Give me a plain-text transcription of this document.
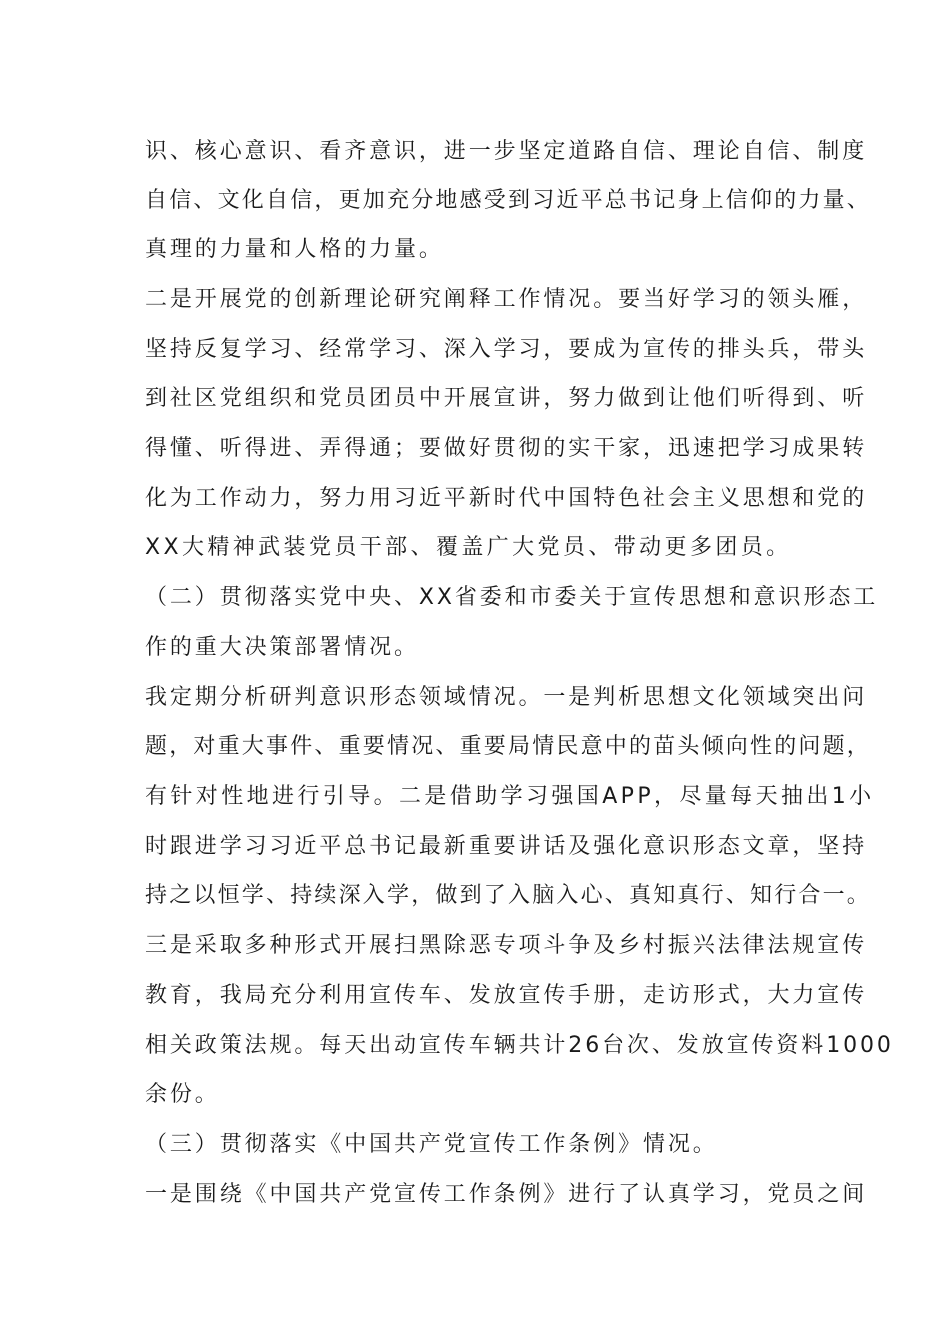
识、核心意识、看齐意识，进一步坚定道路自信、理论自信、制度

自信、文化自信，更加充分地感受到习近平总书记身上信仰的力量、

真理的力量和人格的力量。

二是开展党的创新理论研究阐释工作情况。要当好学习的领头雁，

坚持反复学习、经常学习、深入学习，要成为宣传的排头兵，带头

到社区党组织和党员团员中开展宣讲，努力做到让他们听得到、听

得懂、听得进、弄得通；要做好贯彻的实干家，迅速把学习成果转

化为工作动力，努力用习近平新时代中国特色社会主义思想和党的

XX大精神武装党员干部、覆盖广大党员、带动更多团员。

（二）贯彻落实党中央、XX省委和市委关于宣传思想和意识形态工

作的重大决策部署情况。

我定期分析研判意识形态领域情况。一是判析思想文化领域突出问

题，对重大事件、重要情况、重要局情民意中的苗头倾向性的问题，

有针对性地进行引导。二是借助学习强国APP，尽量每天抽出1小

时跟进学习习近平总书记最新重要讲话及强化意识形态文章，坚持

持之以恒学、持续深入学，做到了入脑入心、真知真行、知行合一。

三是采取多种形式开展扫黑除恶专项斗争及乡村振兴法律法规宣传

教育，我局充分利用宣传车、发放宣传手册，走访形式，大力宣传

相关政策法规。每天出动宣传车辆共计26台次、发放宣传资料1000

余份。

（三）贯彻落实《中国共产党宣传工作条例》情况。

一是围绕《中国共产党宣传工作条例》进行了认真学习，党员之间
